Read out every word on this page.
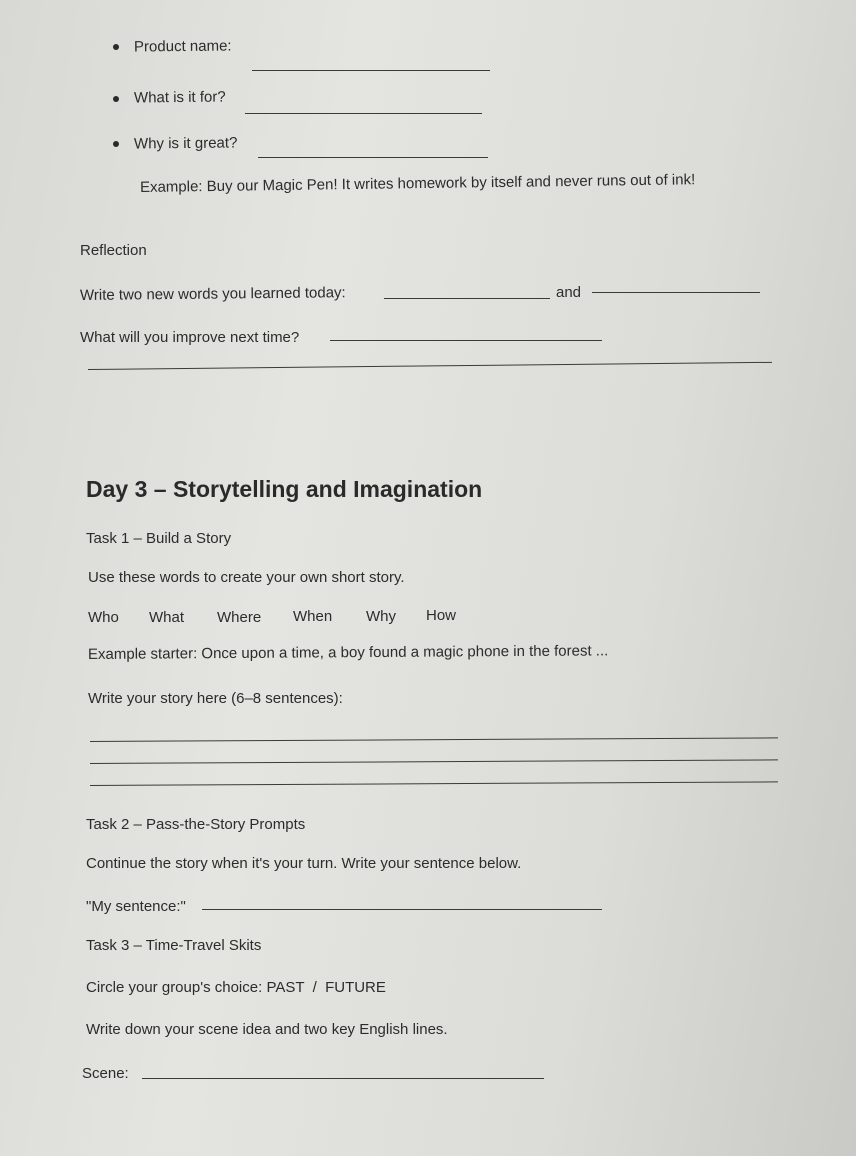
Product name:
What is it for?
Why is it great?
Example: Buy our Magic Pen! It writes homework by itself and never runs out of ink!
Reflection
Write two new words you learned today:	and
What will you improve next time?
Day 3 – Storytelling and Imagination
Task 1 – Build a Story
Use these words to create your own short story.
Who What Where When Why How
Example starter: Once upon a time, a boy found a magic phone in the forest ...
Write your story here (6–8 sentences):
Task 2 – Pass-the-Story Prompts
Continue the story when it's your turn. Write your sentence below.
"My sentence:"
Task 3 – Time-Travel Skits
Circle your group's choice: PAST  /  FUTURE
Write down your scene idea and two key English lines.
Scene:
